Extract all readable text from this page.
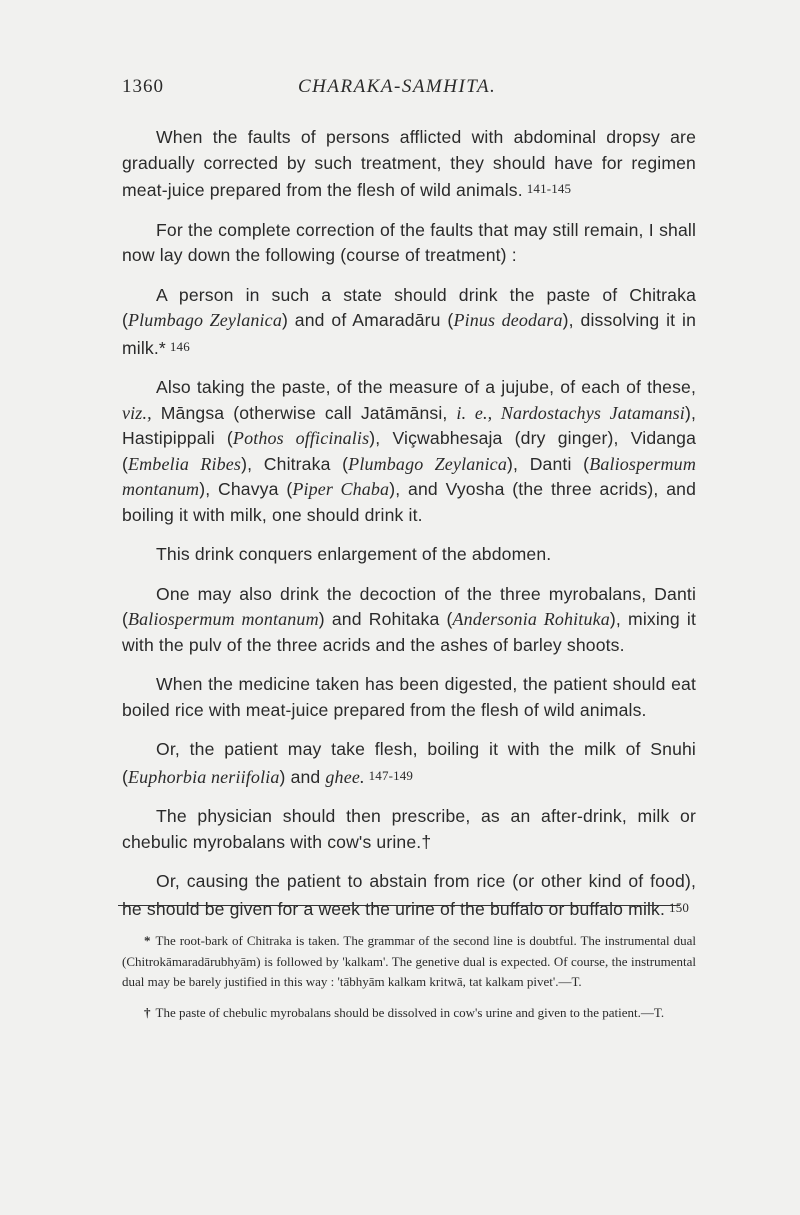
1360	CHARAKA-SAMHITA.

When the faults of persons afflicted with abdominal dropsy are gradually corrected by such treatment, they should have for regimen meat-juice prepared from the flesh of wild animals. 141-145

For the complete correction of the faults that may still remain, I shall now lay down the following (course of treatment) :

A person in such a state should drink the paste of Chitraka (Plumbago Zeylanica) and of Amaradāru (Pinus deodara), dissolving it in milk.* 146

Also taking the paste, of the measure of a jujube, of each of these, viz., Māngsa (otherwise call Jatāmānsi, i. e., Nardostachys Jatamansi), Hastipippali (Pothos officinalis), Viçwabhesaja (dry ginger), Vidanga (Embelia Ribes), Chitraka (Plumbago Zeylanica), Danti (Baliospermum montanum), Chavya (Piper Chaba), and Vyosha (the three acrids), and boiling it with milk, one should drink it.

This drink conquers enlargement of the abdomen.

One may also drink the decoction of the three myrobalans, Danti (Baliospermum montanum) and Rohitaka (Andersonia Rohituka), mixing it with the pulv of the three acrids and the ashes of barley shoots.

When the medicine taken has been digested, the patient should eat boiled rice with meat-juice prepared from the flesh of wild animals.

Or, the patient may take flesh, boiling it with the milk of Snuhi (Euphorbia neriifolia) and ghee. 147-149

The physician should then prescribe, as an after-drink, milk or chebulic myrobalans with cow's urine.†

Or, causing the patient to abstain from rice (or other kind of food), he should be given for a week the urine of the buffalo or buffalo milk. 150

* The root-bark of Chitraka is taken. The grammar of the second line is doubtful. The instrumental dual (Chitrokāmaradārubhyām) is followed by 'kalkam'. The genetive dual is expected. Of course, the instrumental dual may be barely justified in this way : 'tābhyām kalkam kritwā, tat kalkam pivet'.—T.

† The paste of chebulic myrobalans should be dissolved in cow's urine and given to the patient.—T.
